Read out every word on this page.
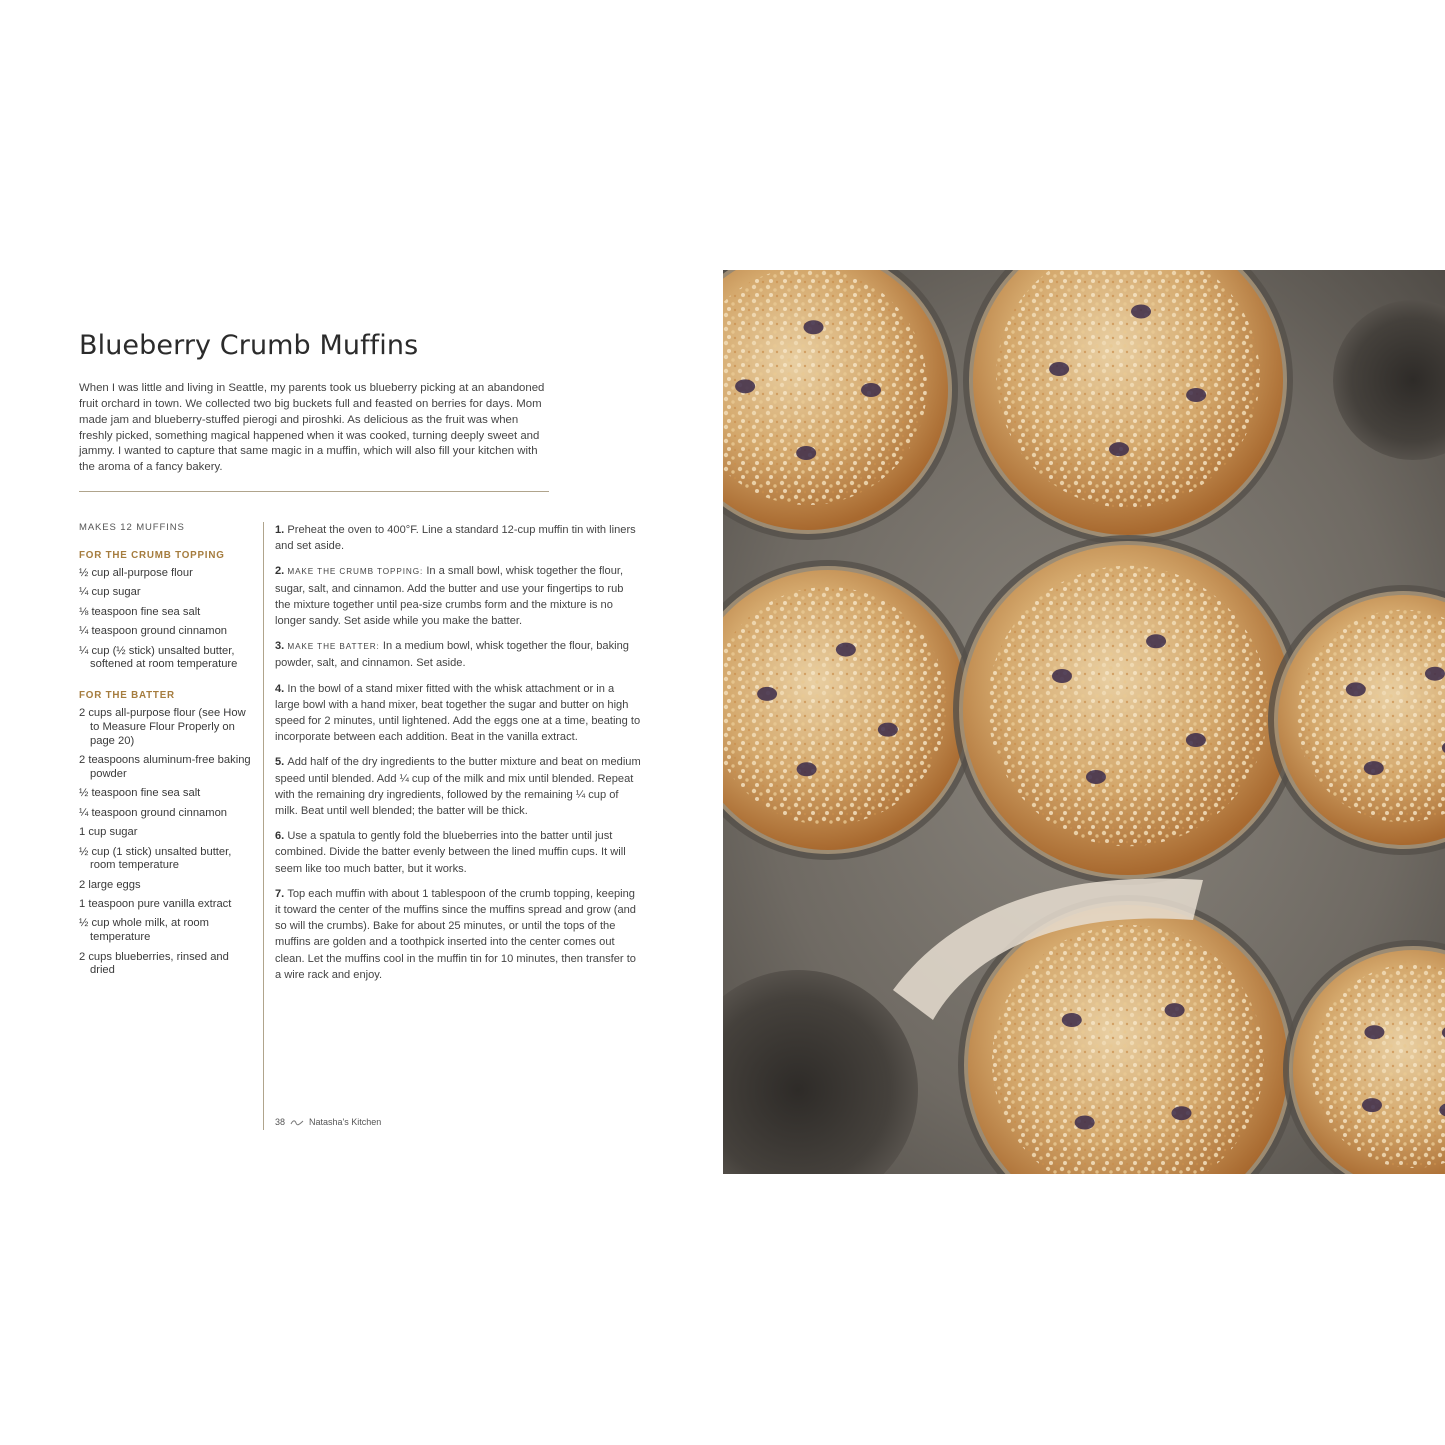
Blueberry Crumb Muffins

When I was little and living in Seattle, my parents took us blueberry picking at an abandoned fruit orchard in town. We collected two big buckets full and feasted on berries for days. Mom made jam and blueberry-stuffed pierogi and piroshki. As delicious as the fruit was when freshly picked, something magical happened when it was cooked, turning deeply sweet and jammy. I wanted to capture that same magic in a muffin, which will also fill your kitchen with the aroma of a fancy bakery.

MAKES 12 MUFFINS
FOR THE CRUMB TOPPING
½ cup all-purpose flour
¼ cup sugar
⅛ teaspoon fine sea salt
¼ teaspoon ground cinnamon
¼ cup (½ stick) unsalted butter, softened at room temperature
FOR THE BATTER
2 cups all-purpose flour (see How to Measure Flour Properly on page 20)
2 teaspoons aluminum-free baking powder
½ teaspoon fine sea salt
¼ teaspoon ground cinnamon
1 cup sugar
½ cup (1 stick) unsalted butter, room temperature
2 large eggs
1 teaspoon pure vanilla extract
½ cup whole milk, at room temperature
2 cups blueberries, rinsed and dried
1. Preheat the oven to 400°F. Line a standard 12-cup muffin tin with liners and set aside.
2. MAKE THE CRUMB TOPPING: In a small bowl, whisk together the flour, sugar, salt, and cinnamon. Add the butter and use your fingertips to rub the mixture together until pea-size crumbs form and the mixture is no longer sandy. Set aside while you make the batter.
3. MAKE THE BATTER: In a medium bowl, whisk together the flour, baking powder, salt, and cinnamon. Set aside.
4. In the bowl of a stand mixer fitted with the whisk attachment or in a large bowl with a hand mixer, beat together the sugar and butter on high speed for 2 minutes, until lightened. Add the eggs one at a time, beating to incorporate between each addition. Beat in the vanilla extract.
5. Add half of the dry ingredients to the butter mixture and beat on medium speed until blended. Add ¼ cup of the milk and mix until blended. Repeat with the remaining dry ingredients, followed by the remaining ¼ cup of milk. Beat until well blended; the batter will be thick.
6. Use a spatula to gently fold the blueberries into the batter until just combined. Divide the batter evenly between the lined muffin cups. It will seem like too much batter, but it works.
7. Top each muffin with about 1 tablespoon of the crumb topping, keeping it toward the center of the muffins since the muffins spread and grow (and so will the crumbs). Bake for about 25 minutes, or until the tops of the muffins are golden and a toothpick inserted into the center comes out clean. Let the muffins cool in the muffin tin for 10 minutes, then transfer to a wire rack and enjoy.
38	Natasha's Kitchen
